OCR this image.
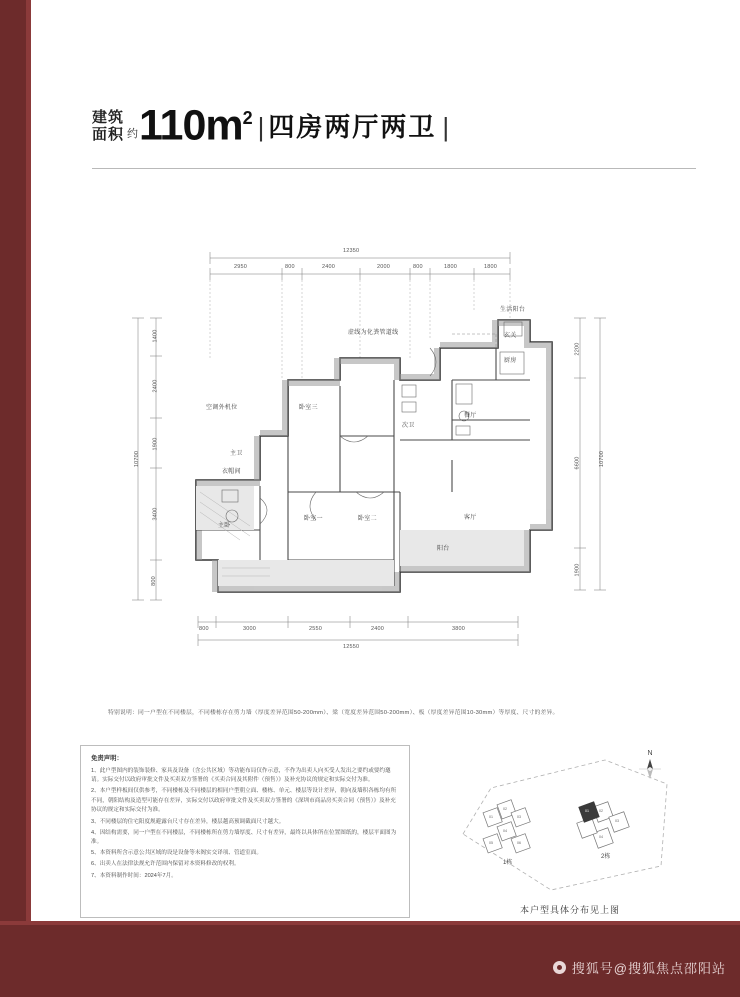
搜狐号@搜狐焦点邵阳站
建筑
面积 约 $110m^2$ | 四房两厅两卫 |
12350
2950	800	2400	2000	800	1800	1800
800	3000	2550	2400	3800
12550
1400
2400
1900
3400
800
10700
2200
6600
1900
10700
卧室三
卧室一	卧室二
主卧
餐厅
客厅
厨房
阳台
衣帽间
主卫
次卫
玄关
生活阳台
空调外机位
虚线为化粪管道线
特别说明：同一户型在不同楼层，不同楼栋存在剪力墙（厚度差异范围50-200mm）、梁（宽度差异范围50-200mm）、板（厚度差异范围10-30mm）等厚度、尺寸的差异。
免责声明：

1、此户型图内的装饰装修、家具及设备（含公共区域）等功能布局仅作示意，不作为出卖人向买受人发出之要约或要约邀请。实际交付以政府审批文件及买卖双方签署的《买卖合同及其附件（预售）》及补充协议的规定和实际交付为准。

2、本户型样板间仅供参考，不同楼栋及不同楼层的相同户型朝立面、楼栋、单元、楼层等设计差异，朝向及墙积各栋均有所不同，朝阳结构及造型可能存在差异，实际交付以政府审批文件及买卖双方签署的《深圳市商品房买卖合同（预售）》及补充协议的规定和实际交付为准。

3、不同楼层的住宅阳度规避露台尺寸存在差异，楼层越高预调截面尺寸越大。

4、因结构需要，同一户型在不同楼层，不同楼栋所在剪力墙厚度、尺寸有差异，最终以具体所在位置图纸的，楼层平面图为准。

5、本资料所含示意公共区域的设是设备等未阁实交译项、管道室面。

6、出卖人在法律法规允许范围内保留对本资料修改的权利。

7、本资料制作时间：2024年7月。

N
1栋
2栋
01
02
03
04
05	06
01	02
03
04
本户型具体分布见上图
